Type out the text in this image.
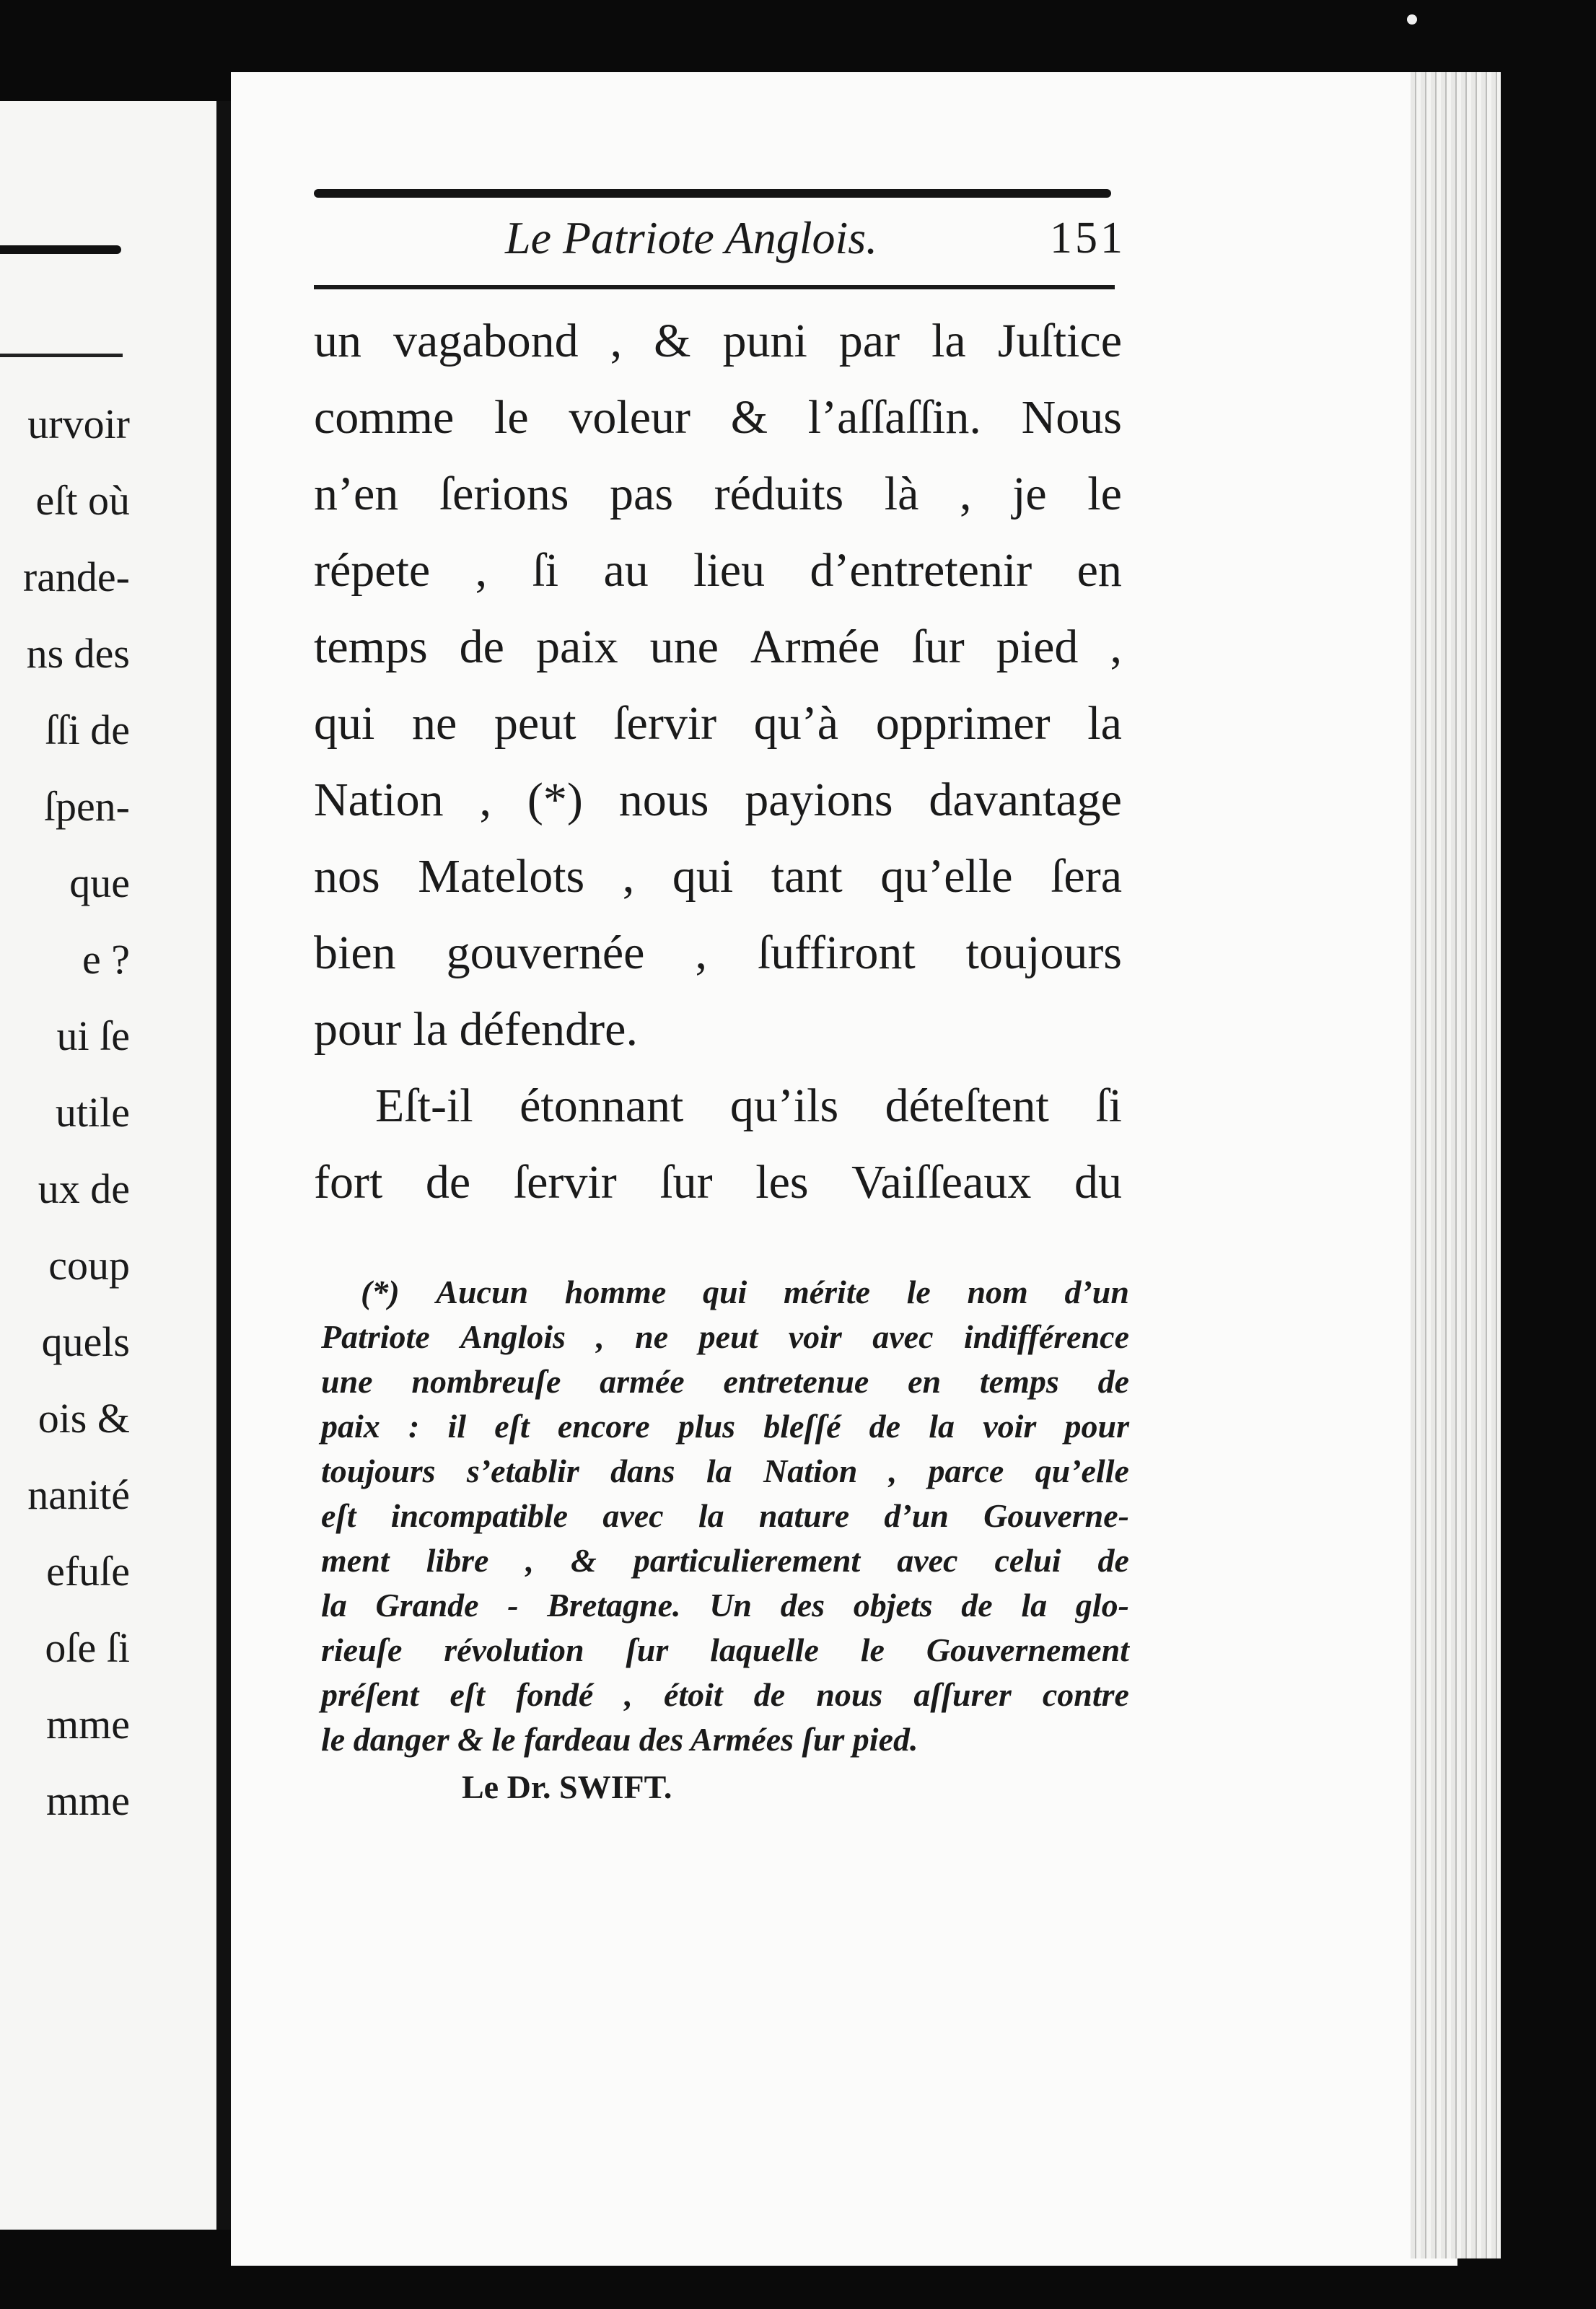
urvoir
eſt où
rande-
ns des
ſſi de
ſpen-
que
e ?
ui ſe
utile
ux de
coup
quels
ois &
nanité
efuſe
oſe ſi
mme
mme
Le Patriote Anglois.	151
un vagabond , & puni par la Juſtice
comme le voleur & l’aſſaſſin. Nous
n’en ſerions pas réduits là , je le
répete , ſi au lieu d’entretenir en
temps de paix une Armée ſur pied ,
qui ne peut ſervir qu’à opprimer la
Nation , (*) nous payions davantage
nos Matelots , qui tant qu’elle ſera
bien gouvernée , ſuffiront toujours
pour la défendre.
Eſt-il étonnant qu’ils déteſtent ſi
fort de ſervir ſur les Vaiſſeaux du
(*) Aucun homme qui mérite le nom d’un
Patriote Anglois , ne peut voir avec indifférence
une nombreuſe armée entretenue en temps de
paix : il eſt encore plus bleſſé de la voir pour
toujours s’etablir dans la Nation , parce qu’elle
eſt incompatible avec la nature d’un Gouverne-
ment libre , & particulierement avec celui de
la Grande - Bretagne. Un des objets de la glo-
rieuſe révolution ſur laquelle le Gouvernement
préſent eſt fondé , étoit de nous aſſurer contre
le danger & le fardeau des Armées ſur pied.
Le Dr. SWIFT.
